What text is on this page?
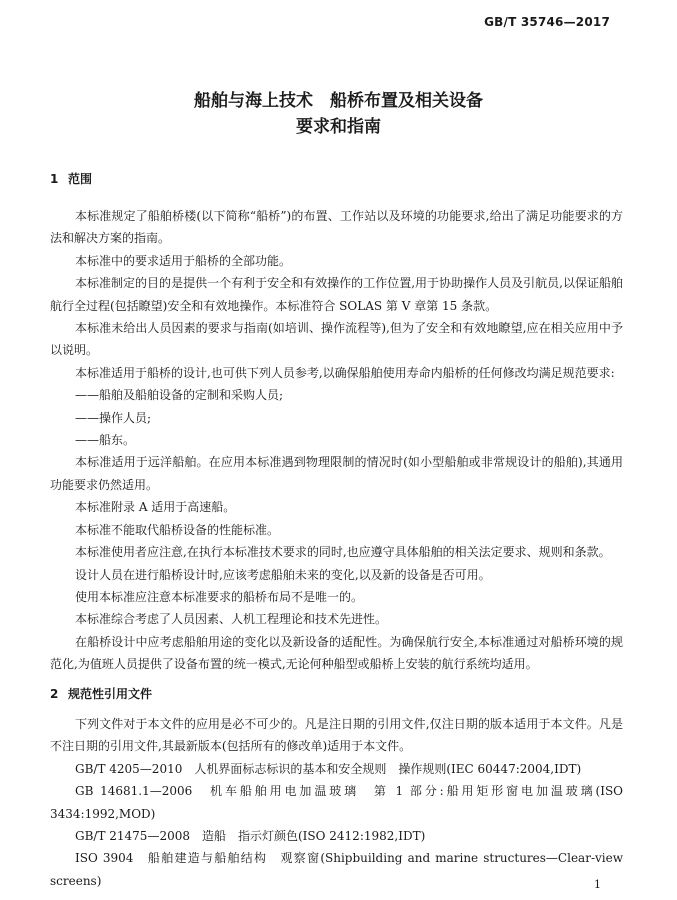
GB/T 35746—2017
船舶与海上技术　船桥布置及相关设备
要求和指南
1 范围

本标准规定了船舶桥楼(以下简称“船桥”)的布置、工作站以及环境的功能要求,给出了满足功能要求的方法和解决方案的指南。

本标准中的要求适用于船桥的全部功能。

本标准制定的目的是提供一个有利于安全和有效操作的工作位置,用于协助操作人员及引航员,以保证船舶航行全过程(包括瞭望)安全和有效地操作。本标准符合 SOLAS 第 V 章第 15 条款。

本标准未给出人员因素的要求与指南(如培训、操作流程等),但为了安全和有效地瞭望,应在相关应用中予以说明。

本标准适用于船桥的设计,也可供下列人员参考,以确保船舶使用寿命内船桥的任何修改均满足规范要求:

——船舶及船舶设备的定制和采购人员;

——操作人员;

——船东。

本标准适用于远洋船舶。在应用本标准遇到物理限制的情况时(如小型船舶或非常规设计的船舶),其通用功能要求仍然适用。

本标准附录 A 适用于高速船。

本标准不能取代船桥设备的性能标准。

本标准使用者应注意,在执行本标准技术要求的同时,也应遵守具体船舶的相关法定要求、规则和条款。

设计人员在进行船桥设计时,应该考虑船舶未来的变化,以及新的设备是否可用。

使用本标准应注意本标准要求的船桥布局不是唯一的。

本标准综合考虑了人员因素、人机工程理论和技术先进性。

在船桥设计中应考虑船舶用途的变化以及新设备的适配性。为确保航行安全,本标准通过对船桥环境的规范化,为值班人员提供了设备布置的统一模式,无论何种船型或船桥上安装的航行系统均适用。

2 规范性引用文件

下列文件对于本文件的应用是必不可少的。凡是注日期的引用文件,仅注日期的版本适用于本文件。凡是不注日期的引用文件,其最新版本(包括所有的修改单)适用于本文件。

GB/T 4205—2010　人机界面标志标识的基本和安全规则　操作规则(IEC 60447:2004,IDT)

GB 14681.1—2006　机车船舶用电加温玻璃　第 1 部分:船用矩形窗电加温玻璃(ISO 3434:1992,MOD)

GB/T 21475—2008　造船　指示灯颜色(ISO 2412:1982,IDT)

ISO 3904　船舶建造与船舶结构　观察窗(Shipbuilding and marine structures—Clear-view screens)	1
